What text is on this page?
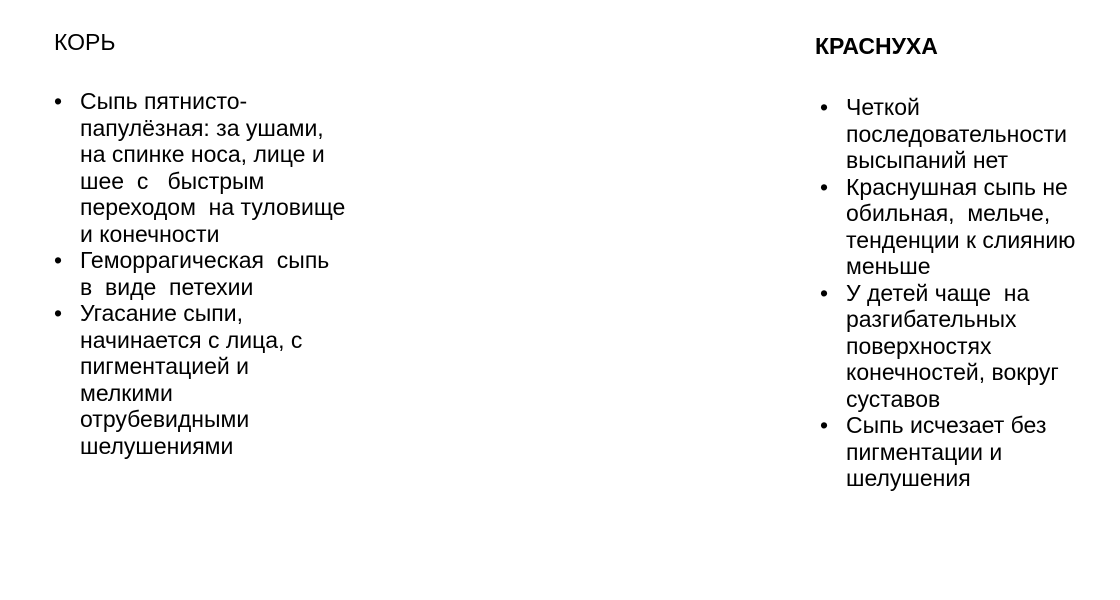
КОРЬ
• Сыпь пятнисто-
папулёзная: за ушами,
на спинке носа, лице и
шее  с   быстрым
переходом  на туловище
и конечности
• Геморрагическая  сыпь
в  виде  петехии
• Угасание сыпи,
начинается с лица, с
пигментацией и
мелкими
отрубевидными
шелушениями
КРАСНУХА
• Четкой
последовательности
высыпаний нет
• Краснушная сыпь не
обильная,  мельче,
тенденции к слиянию
меньше
• У детей чаще  на
разгибательных
поверхностях
конечностей, вокруг
суставов
• Сыпь исчезает без
пигментации и
шелушения
